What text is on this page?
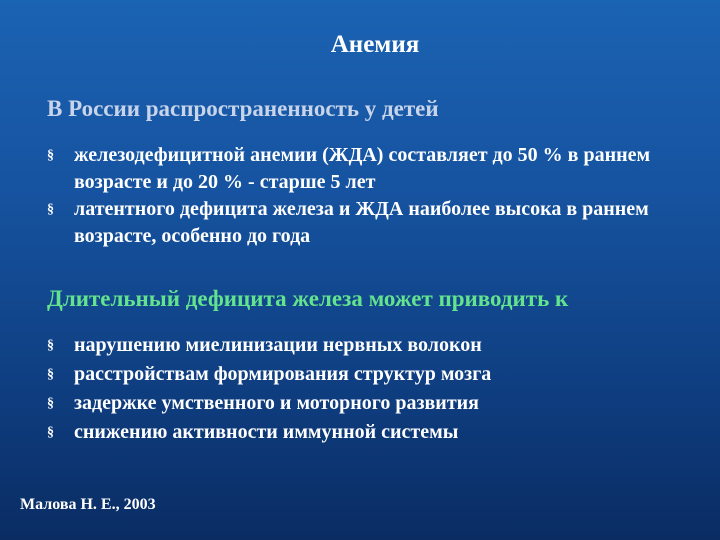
Анемия
В России распространенность у детей
§ железодефицитной анемии (ЖДА) составляет до 50 % в раннем возрасте и до 20 % - старше 5 лет
§ латентного дефицита железа и ЖДА наиболее высока в раннем возрасте, особенно до года
Длительный дефицита железа может приводить к
§ нарушению миелинизации нервных волокон
§ расстройствам формирования структур мозга
§ задержке умственного и моторного развития
§ снижению активности иммунной системы
Малова Н. Е., 2003
